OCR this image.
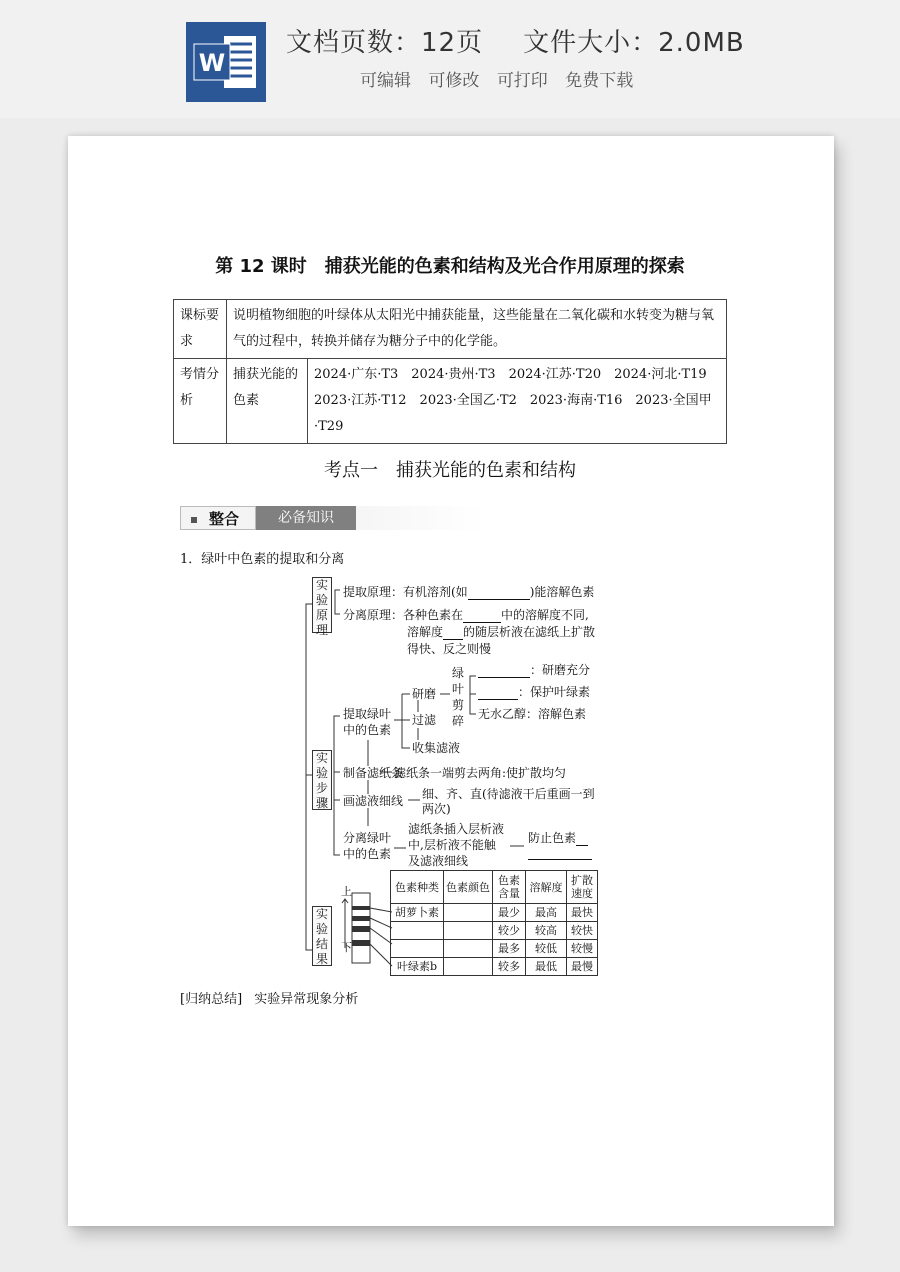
W
文档页数：12页 文件大小：2.0MB
可编辑 可修改 可打印 免费下载
第 12 课时　捕获光能的色素和结构及光合作用原理的探索
课标要求	说明植物细胞的叶绿体从太阳光中捕获能量，这些能量在二氧化碳和水转变为糖与氧气的过程中，转换并储存为糖分子中的化学能。	
考情分析	捕获光能的色素	2024·广东·T3　2024·贵州·T3　2024·江苏·T20　2024·河北·T19
2023·江苏·T12　2023·全国乙·T2　2023·海南·T16　2023·全国甲·T29
考点一　捕获光能的色素和结构
整合	必备知识
1．绿叶中色素的提取和分离
实验原理
提取原理：有机溶剂(如	)能溶解色素
分离原理：各种色素在	中的溶解度不同,
溶解度 的随层析液在滤纸上扩散
得快、反之则慢
实验步骤
提取绿叶中的色素
研磨
过滤
收集滤液
绿叶剪碎
：研磨充分
：保护叶绿素
无水乙醇：溶解色素
制备滤纸条
滤纸条一端剪去两角:使扩散均匀
画滤液细线 细、齐、直(待滤液干后重画一到
两次)
分离绿叶中的色素
滤纸条插入层析液
中,层析液不能触
及滤液细线
防止色素
实验结果
上
下
色素种类	色素颜色	色素含量	溶解度	扩散速度
胡萝卜素		最少	最高	最快
		较少	较高	较快
		最多	较低	较慢
叶绿素b		较多	最低	最慢
[归纳总结] 实验异常现象分析
